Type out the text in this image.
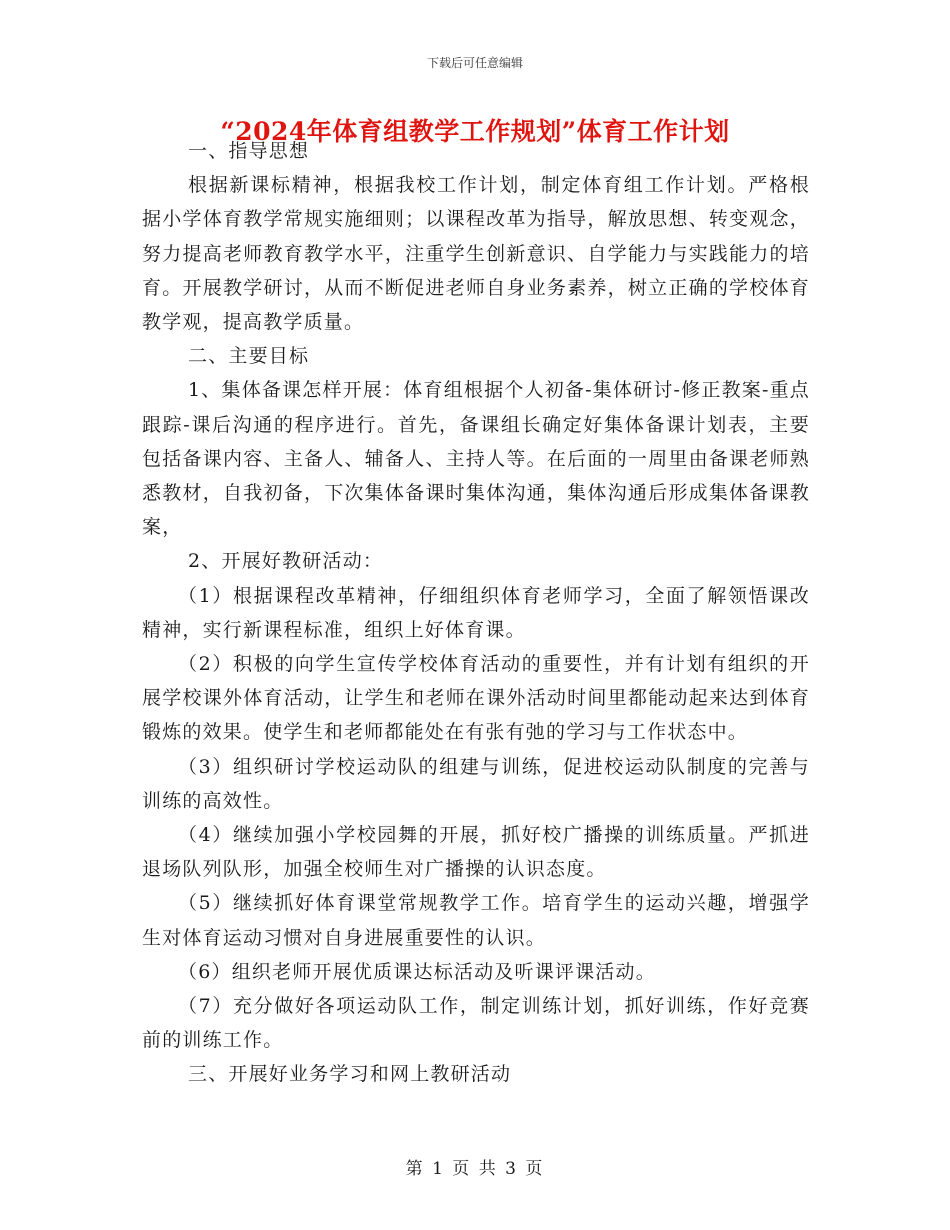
下载后可任意编辑
“2024年体育组教学工作规划”体育工作计划

一、指导思想

根据新课标精神，根据我校工作计划，制定体育组工作计划。严格根据小学体育教学常规实施细则；以课程改革为指导，解放思想、转变观念，努力提高老师教育教学水平，注重学生创新意识、自学能力与实践能力的培育。开展教学研讨，从而不断促进老师自身业务素养，树立正确的学校体育教学观，提高教学质量。

二、主要目标

1、集体备课怎样开展：体育组根据个人初备-集体研讨-修正教案-重点跟踪-课后沟通的程序进行。首先，备课组长确定好集体备课计划表，主要包括备课内容、主备人、辅备人、主持人等。在后面的一周里由备课老师熟悉教材，自我初备，下次集体备课时集体沟通，集体沟通后形成集体备课教案，

2、开展好教研活动：

（1）根据课程改革精神，仔细组织体育老师学习，全面了解领悟课改精神，实行新课程标准，组织上好体育课。

（2）积极的向学生宣传学校体育活动的重要性，并有计划有组织的开展学校课外体育活动，让学生和老师在课外活动时间里都能动起来达到体育锻炼的效果。使学生和老师都能处在有张有弛的学习与工作状态中。

（3）组织研讨学校运动队的组建与训练，促进校运动队制度的完善与训练的高效性。

（4）继续加强小学校园舞的开展，抓好校广播操的训练质量。严抓进退场队列队形，加强全校师生对广播操的认识态度。

（5）继续抓好体育课堂常规教学工作。培育学生的运动兴趣，增强学生对体育运动习惯对自身进展重要性的认识。

（6）组织老师开展优质课达标活动及听课评课活动。

（7）充分做好各项运动队工作，制定训练计划，抓好训练，作好竞赛前的训练工作。

三、开展好业务学习和网上教研活动

第 1 页 共 3 页
